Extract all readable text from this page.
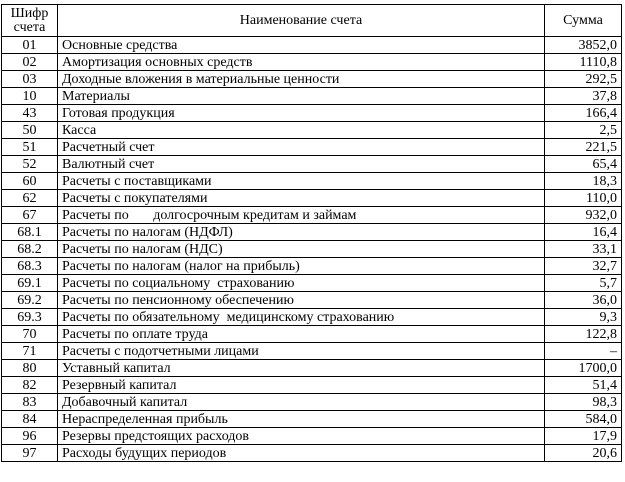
Шифр
счета	Наименование счета	Сумма
01	Основные средства	3852,0
02	Амортизация основных средств	1110,8
03	Доходные вложения в материальные ценности	292,5
10	Материалы	37,8
43	Готовая продукция	166,4
50	Касса	2,5
51	Расчетный счет	221,5
52	Валютный счет	65,4
60	Расчеты с поставщиками	18,3
62	Расчеты с покупателями	110,0
67	Расчеты по       долгосрочным кредитам и займам	932,0
68.1	Расчеты по налогам (НДФЛ)	16,4
68.2	Расчеты по налогам (НДС)	33,1
68.3	Расчеты по налогам (налог на прибыль)	32,7
69.1	Расчеты по социальному  страхованию	5,7
69.2	Расчеты по пенсионному обеспечению	36,0
69.3	Расчеты по обязательному  медицинскому страхованию	9,3
70	Расчеты по оплате труда	122,8
71	Расчеты с подотчетными лицами	–
80	Уставный капитал	1700,0
82	Резервный капитал	51,4
83	Добавочный капитал	98,3
84	Нераспределенная прибыль	584,0
96	Резервы предстоящих расходов	17,9
97	Расходы будущих периодов	20,6
